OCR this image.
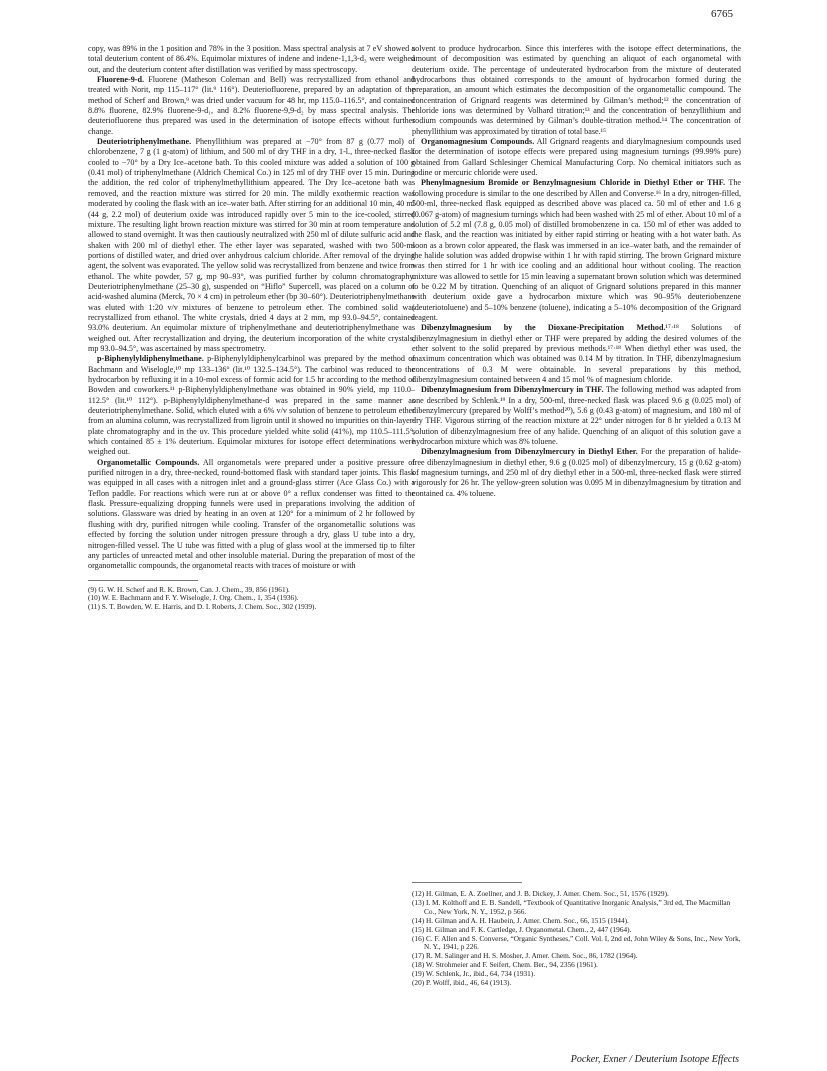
6765

copy, was 89% in the 1 position and 78% in the 3 position. Mass spectral analysis at 7 eV showed a total deuterium content of 86.4%. Equimolar mixtures of indene and indene-1,1,3-d₃ were weighed out, and the deuterium content after distillation was verified by mass spectroscopy.

Fluorene-9-d. Fluorene (Matheson Coleman and Bell) was recrystallized from ethanol and treated with Norit, mp 115–117° (lit.⁹ 116°). Deuteriofluorene, prepared by an adaptation of the method of Scherf and Brown,⁹ was dried under vacuum for 48 hr, mp 115.0–116.5°, and contained 8.8% fluorene, 82.9% fluorene-9-d₁, and 8.2% fluorene-9,9-d₂ by mass spectral analysis. The deuteriofluorene thus prepared was used in the determination of isotope effects without further change.

Deuteriotriphenylmethane. Phenyllithium was prepared at −70° from 87 g (0.77 mol) of chlorobenzene, 7 g (1 g-atom) of lithium, and 500 ml of dry THF in a dry, 1-l., three-necked flask cooled to −70° by a Dry Ice–acetone bath. To this cooled mixture was added a solution of 100 g (0.41 mol) of triphenylmethane (Aldrich Chemical Co.) in 125 ml of dry THF over 15 min. During the addition, the red color of triphenylmethyllithium appeared. The Dry Ice–acetone bath was removed, and the reaction mixture was stirred for 20 min. The mildly exothermic reaction was moderated by cooling the flask with an ice–water bath. After stirring for an additional 10 min, 40 ml (44 g, 2.2 mol) of deuterium oxide was introduced rapidly over 5 min to the ice-cooled, stirred mixture. The resulting light brown reaction mixture was stirred for 30 min at room temperature and allowed to stand overnight. It was then cautiously neutralized with 250 ml of dilute sulfuric acid and shaken with 200 ml of diethyl ether. The ether layer was separated, washed with two 500-ml portions of distilled water, and dried over anhydrous calcium chloride. After removal of the drying agent, the solvent was evaporated. The yellow solid was recrystallized from benzene and twice from ethanol. The white powder, 57 g, mp 90–93°, was purified further by column chromatography. Deuteriotriphenylmethane (25–30 g), suspended on “Hiflo” Supercell, was placed on a column of acid-washed alumina (Merck, 70 × 4 cm) in petroleum ether (bp 30–60°). Deuteriotriphenylmethane was eluted with 1:20 v/v mixtures of benzene to petroleum ether. The combined solid was recrystallized from ethanol. The white crystals, dried 4 days at 2 mm, mp 93.0–94.5°, contained 93.0% deuterium. An equimolar mixture of triphenylmethane and deuteriotriphenylmethane was weighed out. After recrystallization and drying, the deuterium incorporation of the white crystals, mp 93.0–94.5°, was ascertained by mass spectrometry.

p-Biphenylyldiphenylmethane. p-Biphenylyldiphenylcarbinol was prepared by the method of Bachmann and Wiselogle,¹⁰ mp 133–136° (lit.¹⁰ 132.5–134.5°). The carbinol was reduced to the hydrocarbon by refluxing it in a 10-mol excess of formic acid for 1.5 hr according to the method of Bowden and coworkers.¹¹ p-Biphenylyldiphenylmethane was obtained in 90% yield, mp 110.0–112.5° (lit.¹⁰ 112°). p-Biphenylyldiphenylmethane-d was prepared in the same manner as deuteriotriphenylmethane. Solid, which eluted with a 6% v/v solution of benzene to petroleum ether from an alumina column, was recrystallized from ligroin until it showed no impurities on thin-layer-plate chromatography and in the uv. This procedure yielded white solid (41%), mp 110.5–111.5°, which contained 85 ± 1% deuterium. Equimolar mixtures for isotope effect determinations were weighed out.

Organometallic Compounds. All organometals were prepared under a positive pressure of purified nitrogen in a dry, three-necked, round-bottomed flask with standard taper joints. This flask was equipped in all cases with a nitrogen inlet and a ground-glass stirrer (Ace Glass Co.) with a Teflon paddle. For reactions which were run at or above 0° a reflux condenser was fitted to the flask. Pressure-equalizing dropping funnels were used in preparations involving the addition of solutions. Glassware was dried by heating in an oven at 120° for a minimum of 2 hr followed by flushing with dry, purified nitrogen while cooling. Transfer of the organometallic solutions was effected by forcing the solution under nitrogen pressure through a dry, glass U tube into a dry, nitrogen-filled vessel. The U tube was fitted with a plug of glass wool at the immersed tip to filter any particles of unreacted metal and other insoluble material. During the preparation of most of the organometallic compounds, the organometal reacts with traces of moisture or with

(9) G. W. H. Scherf and R. K. Brown, Can. J. Chem., 39, 856 (1961).

(10) W. E. Bachmann and F. Y. Wiselogle, J. Org. Chem., 1, 354 (1936).

(11) S. T. Bowden, W. E. Harris, and D. I. Roberts, J. Chem. Soc., 302 (1939).

solvent to produce hydrocarbon. Since this interferes with the isotope effect determinations, the amount of decomposition was estimated by quenching an aliquot of each organometal with deuterium oxide. The percentage of undeuterated hydrocarbon from the mixture of deuterated hydrocarbons thus obtained corresponds to the amount of hydrocarbon formed during the preparation, an amount which estimates the decomposition of the organometallic compound. The concentration of Grignard reagents was determined by Gilman’s method;¹² the concentration of chloride ions was determined by Volhard titration;¹³ and the concentration of benzyllithium and sodium compounds was determined by Gilman’s double-titration method.¹⁴ The concentration of phenyllithium was approximated by titration of total base.¹⁵

Organomagnesium Compounds. All Grignard reagents and diarylmagnesium compounds used for the determination of isotope effects were prepared using magnesium turnings (99.99% pure) obtained from Gallard Schlesinger Chemical Manufacturing Corp. No chemical initiators such as iodine or mercuric chloride were used.

Phenylmagnesium Bromide or Benzylmagnesium Chloride in Diethyl Ether or THF. The following procedure is similar to the one described by Allen and Converse.¹⁶ In a dry, nitrogen-filled, 500-ml, three-necked flask equipped as described above was placed ca. 50 ml of ether and 1.6 g (0.067 g-atom) of magnesium turnings which had been washed with 25 ml of ether. About 10 ml of a solution of 5.2 ml (7.8 g, 0.05 mol) of distilled bromobenzene in ca. 150 ml of ether was added to the flask, and the reaction was initiated by either rapid stirring or heating with a hot water bath. As soon as a brown color appeared, the flask was immersed in an ice–water bath, and the remainder of the halide solution was added dropwise within 1 hr with rapid stirring. The brown Grignard mixture was then stirred for 1 hr with ice cooling and an additional hour without cooling. The reaction mixture was allowed to settle for 15 min leaving a supernatant brown solution which was determined to be 0.22 M by titration. Quenching of an aliquot of Grignard solutions prepared in this manner with deuterium oxide gave a hydrocarbon mixture which was 90–95% deuteriobenzene (deuteriotoluene) and 5–10% benzene (toluene), indicating a 5–10% decomposition of the Grignard reagent.

Dibenzylmagnesium by the Dioxane-Precipitation Method.¹⁷·¹⁸ Solutions of dibenzylmagnesium in diethyl ether or THF were prepared by adding the desired volumes of the ether solvent to the solid prepared by previous methods.¹⁷·¹⁸ When diethyl ether was used, the maximum concentration which was obtained was 0.14 M by titration. In THF, dibenzylmagnesium concentrations of 0.3 M were obtainable. In several preparations by this method, dibenzylmagnesium contained between 4 and 15 mol % of magnesium chloride.

Dibenzylmagnesium from Dibenzylmercury in THF. The following method was adapted from one described by Schlenk.¹⁹ In a dry, 500-ml, three-necked flask was placed 9.6 g (0.025 mol) of dibenzylmercury (prepared by Wolff’s method²⁰), 5.6 g (0.43 g-atom) of magnesium, and 180 ml of dry THF. Vigorous stirring of the reaction mixture at 22° under nitrogen for 8 hr yielded a 0.13 M solution of dibenzylmagnesium free of any halide. Quenching of an aliquot of this solution gave a hydrocarbon mixture which was 8% toluene.

Dibenzylmagnesium from Dibenzylmercury in Diethyl Ether. For the preparation of halide-free dibenzylmagnesium in diethyl ether, 9.6 g (0.025 mol) of dibenzylmercury, 15 g (0.62 g-atom) of magnesium turnings, and 250 ml of dry diethyl ether in a 500-ml, three-necked flask were stirred vigorously for 26 hr. The yellow-green solution was 0.095 M in dibenzylmagnesium by titration and contained ca. 4% toluene.

(12) H. Gilman, E. A. Zoellner, and J. B. Dickey, J. Amer. Chem. Soc., 51, 1576 (1929).

(13) I. M. Kolthoff and E. B. Sandell, “Textbook of Quantitative Inorganic Analysis,” 3rd ed, The Macmillan Co., New York, N. Y., 1952, p 566.

(14) H. Gilman and A. H. Haubein, J. Amer. Chem. Soc., 66, 1515 (1944).

(15) H. Gilman and F. K. Cartledge, J. Organometal. Chem., 2, 447 (1964).

(16) C. F. Allen and S. Converse, “Organic Syntheses,” Coll. Vol. I, 2nd ed, John Wiley & Sons, Inc., New York, N. Y., 1941, p 226.

(17) R. M. Salinger and H. S. Mosher, J. Amer. Chem. Soc., 86, 1782 (1964).

(18) W. Strohmeier and F. Seifert, Chem. Ber., 94, 2356 (1961).

(19) W. Schlenk, Jr., ibid., 64, 734 (1931).

(20) P. Wolff, ibid., 46, 64 (1913).

Pocker, Exner / Deuterium Isotope Effects
